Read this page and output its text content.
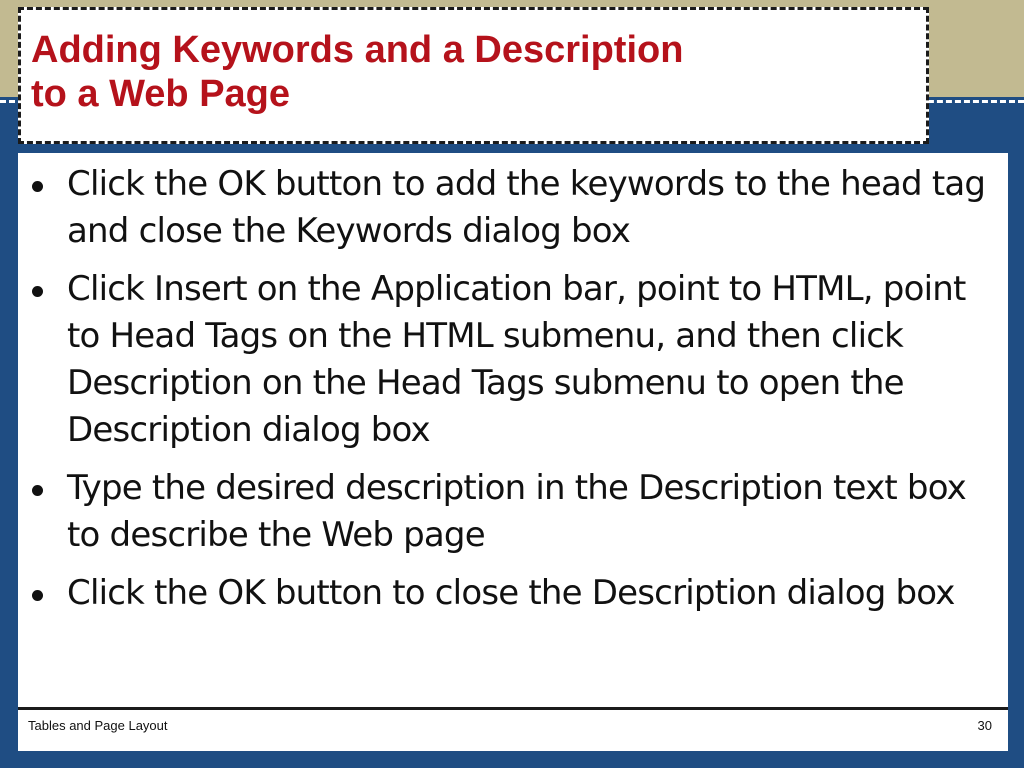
Adding Keywords and a Description
to a Web Page
Click the OK button to add the keywords to the head tag and close the Keywords dialog box
Click Insert on the Application bar, point to HTML, point to Head Tags on the HTML submenu, and then click Description on the Head Tags submenu to open the Description dialog box
Type the desired description in the Description text box to describe the Web page
Click the OK button to close the Description dialog box
Tables and Page Layout	30
